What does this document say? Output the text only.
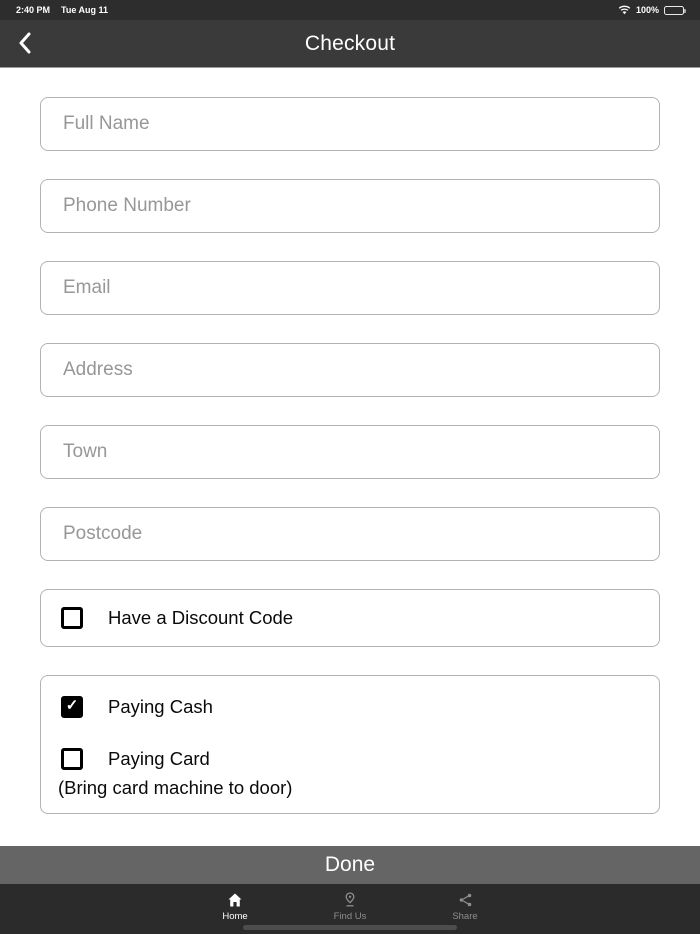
2:40 PM Tue Aug 11	100%
Checkout
Full Name
Phone Number
Email
Address
Town
Postcode
Have a Discount Code
✓
Paying Cash
Paying Card
(Bring card machine to door)
Done
Home	Find Us	Share
